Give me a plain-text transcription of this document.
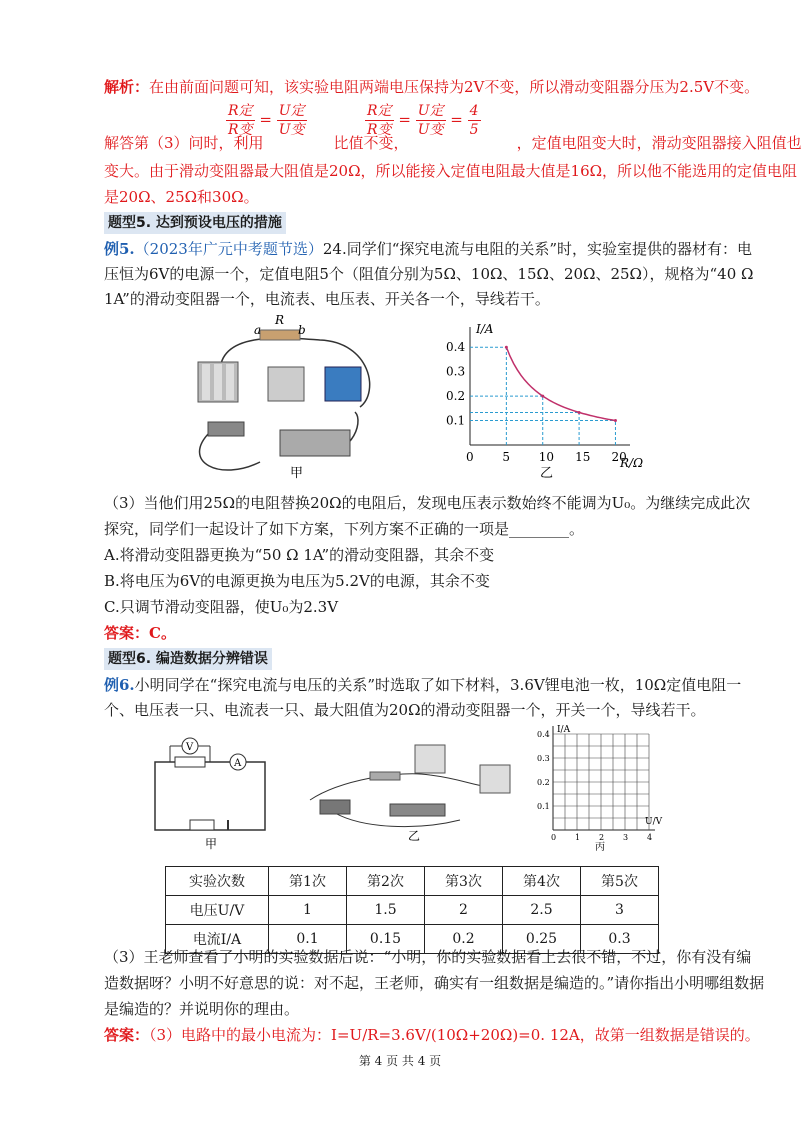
解析：在由前面问题可知，该实验电阻两端电压保持为2V不变，所以滑动变阻器分压为2.5V不变。
$\frac{\text{R定}}{\text{R变}} = \frac{\text{U定}}{\text{U变}}$	$\frac{\text{R定}}{\text{R变}} = \frac{\text{U定}}{\text{U变}} = \frac{4}{5}$
解答第（3）问时，利用	比值不变，	，定值电阻变大时，滑动变阻器接入阻值也
变大。由于滑动变阻器最大阻值是20Ω，所以能接入定值电阻最大值是16Ω，所以他不能选用的定值电阻
是20Ω、25Ω和30Ω。
题型5. 达到预设电压的措施
例5.（2023年广元中考题节选）24.同学们“探究电流与电阻的关系”时，实验室提供的器材有：电
压恒为6V的电源一个，定值电阻5个（阻值分别为5Ω、10Ω、15Ω、20Ω、25Ω），规格为“40 Ω
1A”的滑动变阻器一个，电流表、电压表、开关各一个，导线若干。
R
a	b
甲
I/A
R/Ω
0 5 10 15 20
0.1
0.2
0.3
0.4
乙
（3）当他们用25Ω的电阻替换20Ω的电阻后，发现电压表示数始终不能调为U₀。为继续完成此次
探究，同学们一起设计了如下方案，下列方案不正确的一项是________。
A.将滑动变阻器更换为“50 Ω 1A”的滑动变阻器，其余不变
B.将电压为6V的电源更换为电压为5.2V的电源，其余不变
C.只调节滑动变阻器，使U₀为2.3V
答案：C。
题型6. 编造数据分辨错误
例6.小明同学在“探究电流与电压的关系”时选取了如下材料，3.6V锂电池一枚，10Ω定值电阻一
个、电压表一只、电流表一只、最大阻值为20Ω的滑动变阻器一个，开关一个，导线若干。
V
A
甲
乙
I/A
U/V
0.4
0.3
0.2
0.1
0 1 2 3 4
丙
实验次数	第1次	第2次	第3次	第4次	第5次
电压U/V	1	1.5	2	2.5	3
电流I/A	0.1	0.15	0.2	0.25	0.3
（3）王老师查看了小明的实验数据后说：“小明，你的实验数据看上去很不错，不过，你有没有编
造数据呀？小明不好意思的说：对不起，王老师，确实有一组数据是编造的。”请你指出小明哪组数据
是编造的？并说明你的理由。
答案：（3）电路中的最小电流为：I=U/R=3.6V/(10Ω+20Ω)=0. 12A，故第一组数据是错误的。
第 4 页 共 4 页
